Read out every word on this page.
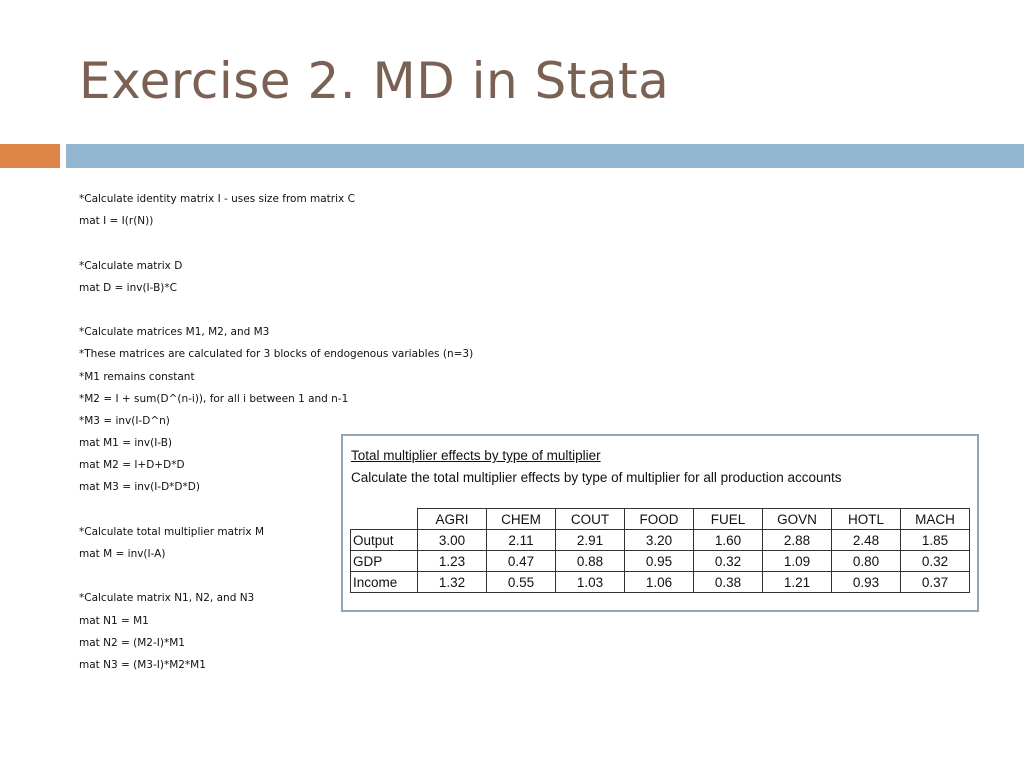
Exercise 2. MD in Stata
*Calculate identity matrix I - uses size from matrix C
mat I = I(r(N))
*Calculate matrix D
mat D = inv(I-B)*C
*Calculate matrices M1, M2, and M3
*These matrices are calculated for 3 blocks of endogenous variables (n=3)
*M1 remains constant
*M2 = I + sum(D^(n-i)), for all i between 1 and n-1
*M3 = inv(I-D^n)
mat M1 = inv(I-B)
mat M2 = I+D+D*D
mat M3 = inv(I-D*D*D)
*Calculate total multiplier matrix M
mat M = inv(I-A)
*Calculate matrix N1, N2, and N3
mat N1 = M1
mat N2 = (M2-I)*M1
mat N3 = (M3-I)*M2*M1
Total multiplier effects by type of multiplier
Calculate the total multiplier effects by type of multiplier for all production accounts
	AGRI	CHEM	COUT	FOOD	FUEL	GOVN	HOTL	MACH
Output	3.00	2.11	2.91	3.20	1.60	2.88	2.48	1.85
GDP	1.23	0.47	0.88	0.95	0.32	1.09	0.80	0.32
Income	1.32	0.55	1.03	1.06	0.38	1.21	0.93	0.37
